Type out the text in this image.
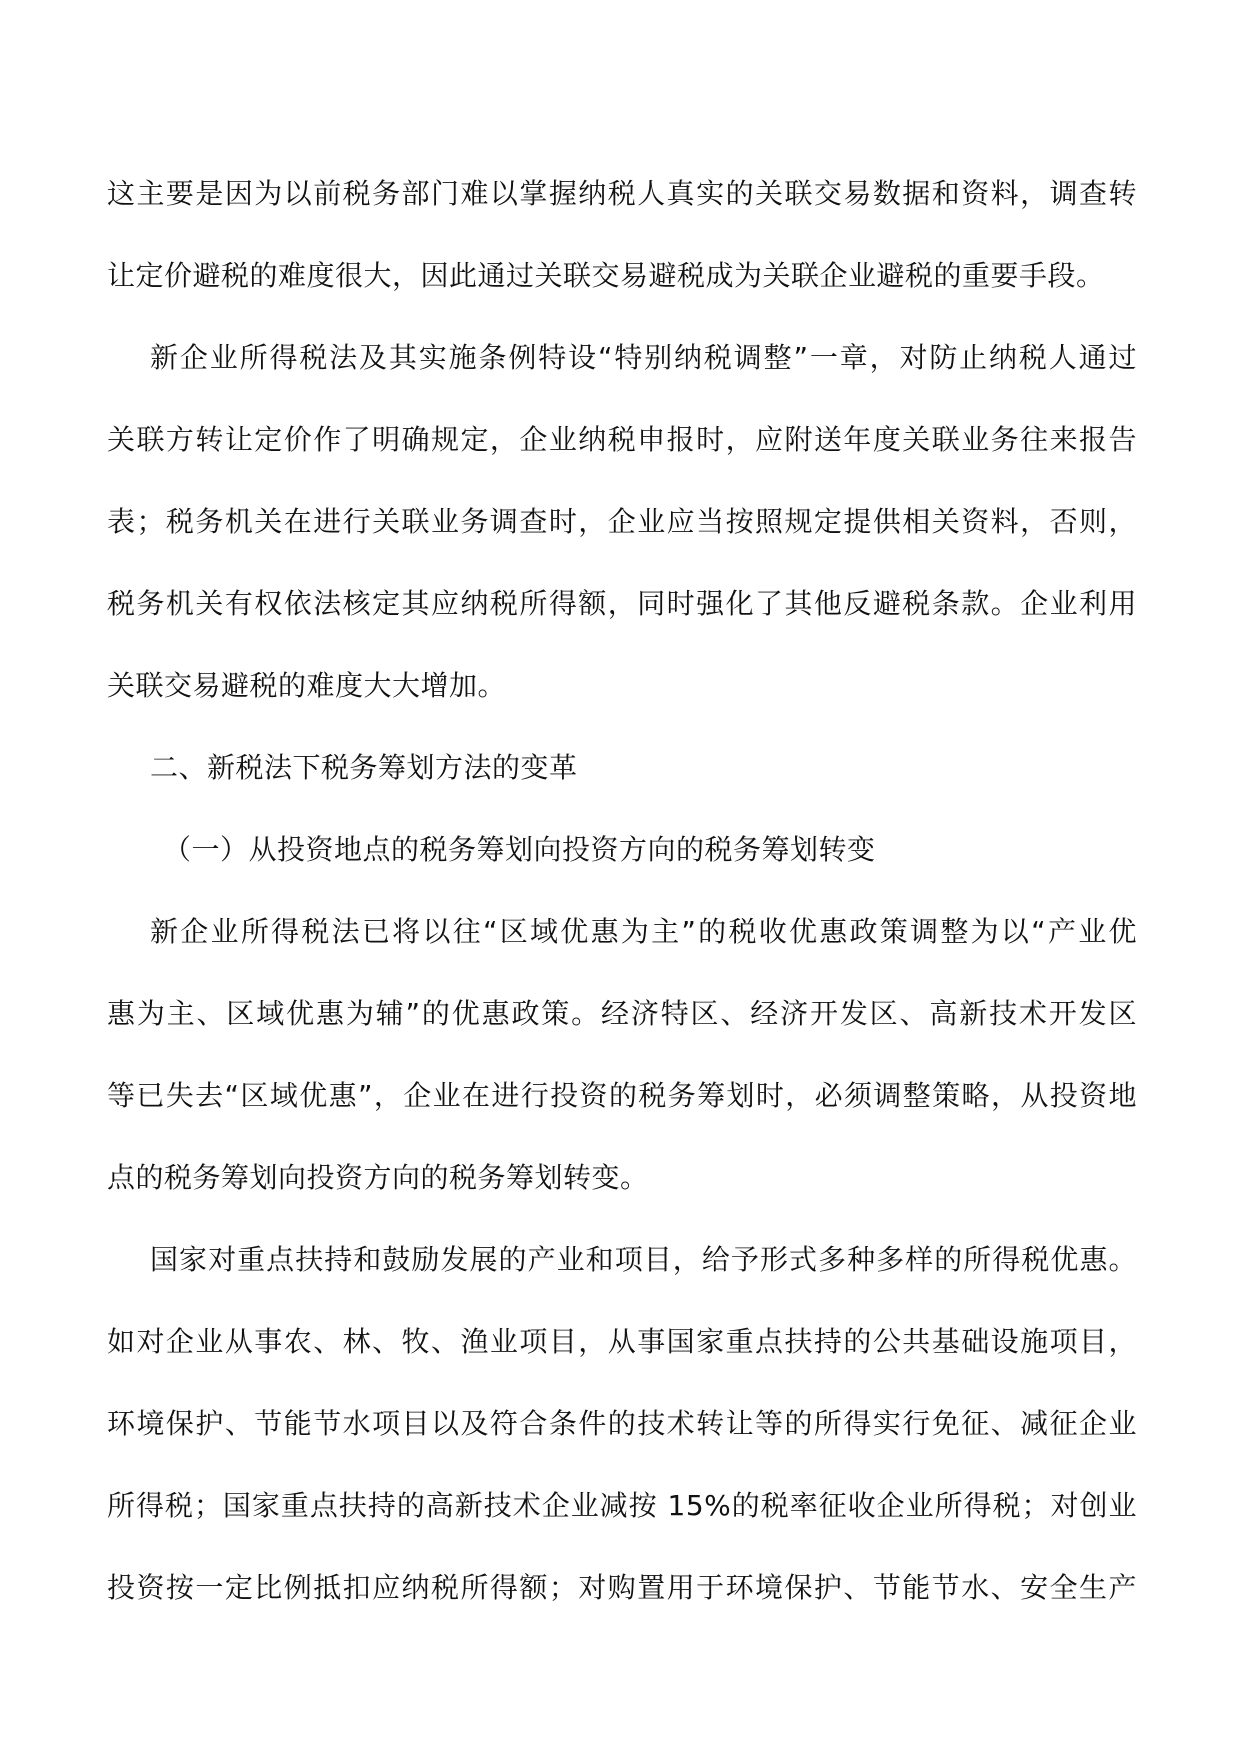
这主要是因为以前税务部门难以掌握纳税人真实的关联交易数据和资料，调查转
让定价避税的难度很大，因此通过关联交易避税成为关联企业避税的重要手段。
新企业所得税法及其实施条例特设“特别纳税调整”一章，对防止纳税人通过
关联方转让定价作了明确规定，企业纳税申报时，应附送年度关联业务往来报告
表；税务机关在进行关联业务调查时，企业应当按照规定提供相关资料，否则，
税务机关有权依法核定其应纳税所得额，同时强化了其他反避税条款。企业利用
关联交易避税的难度大大增加。
二、新税法下税务筹划方法的变革
（一）从投资地点的税务筹划向投资方向的税务筹划转变
新企业所得税法已将以往“区域优惠为主”的税收优惠政策调整为以“产业优
惠为主、区域优惠为辅”的优惠政策。经济特区、经济开发区、高新技术开发区
等已失去“区域优惠”，企业在进行投资的税务筹划时，必须调整策略，从投资地
点的税务筹划向投资方向的税务筹划转变。
国家对重点扶持和鼓励发展的产业和项目，给予形式多种多样的所得税优惠。
如对企业从事农、林、牧、渔业项目，从事国家重点扶持的公共基础设施项目，
环境保护、节能节水项目以及符合条件的技术转让等的所得实行免征、减征企业
所得税；国家重点扶持的高新技术企业减按 15%的税率征收企业所得税；对创业
投资按一定比例抵扣应纳税所得额；对购置用于环境保护、节能节水、安全生产
